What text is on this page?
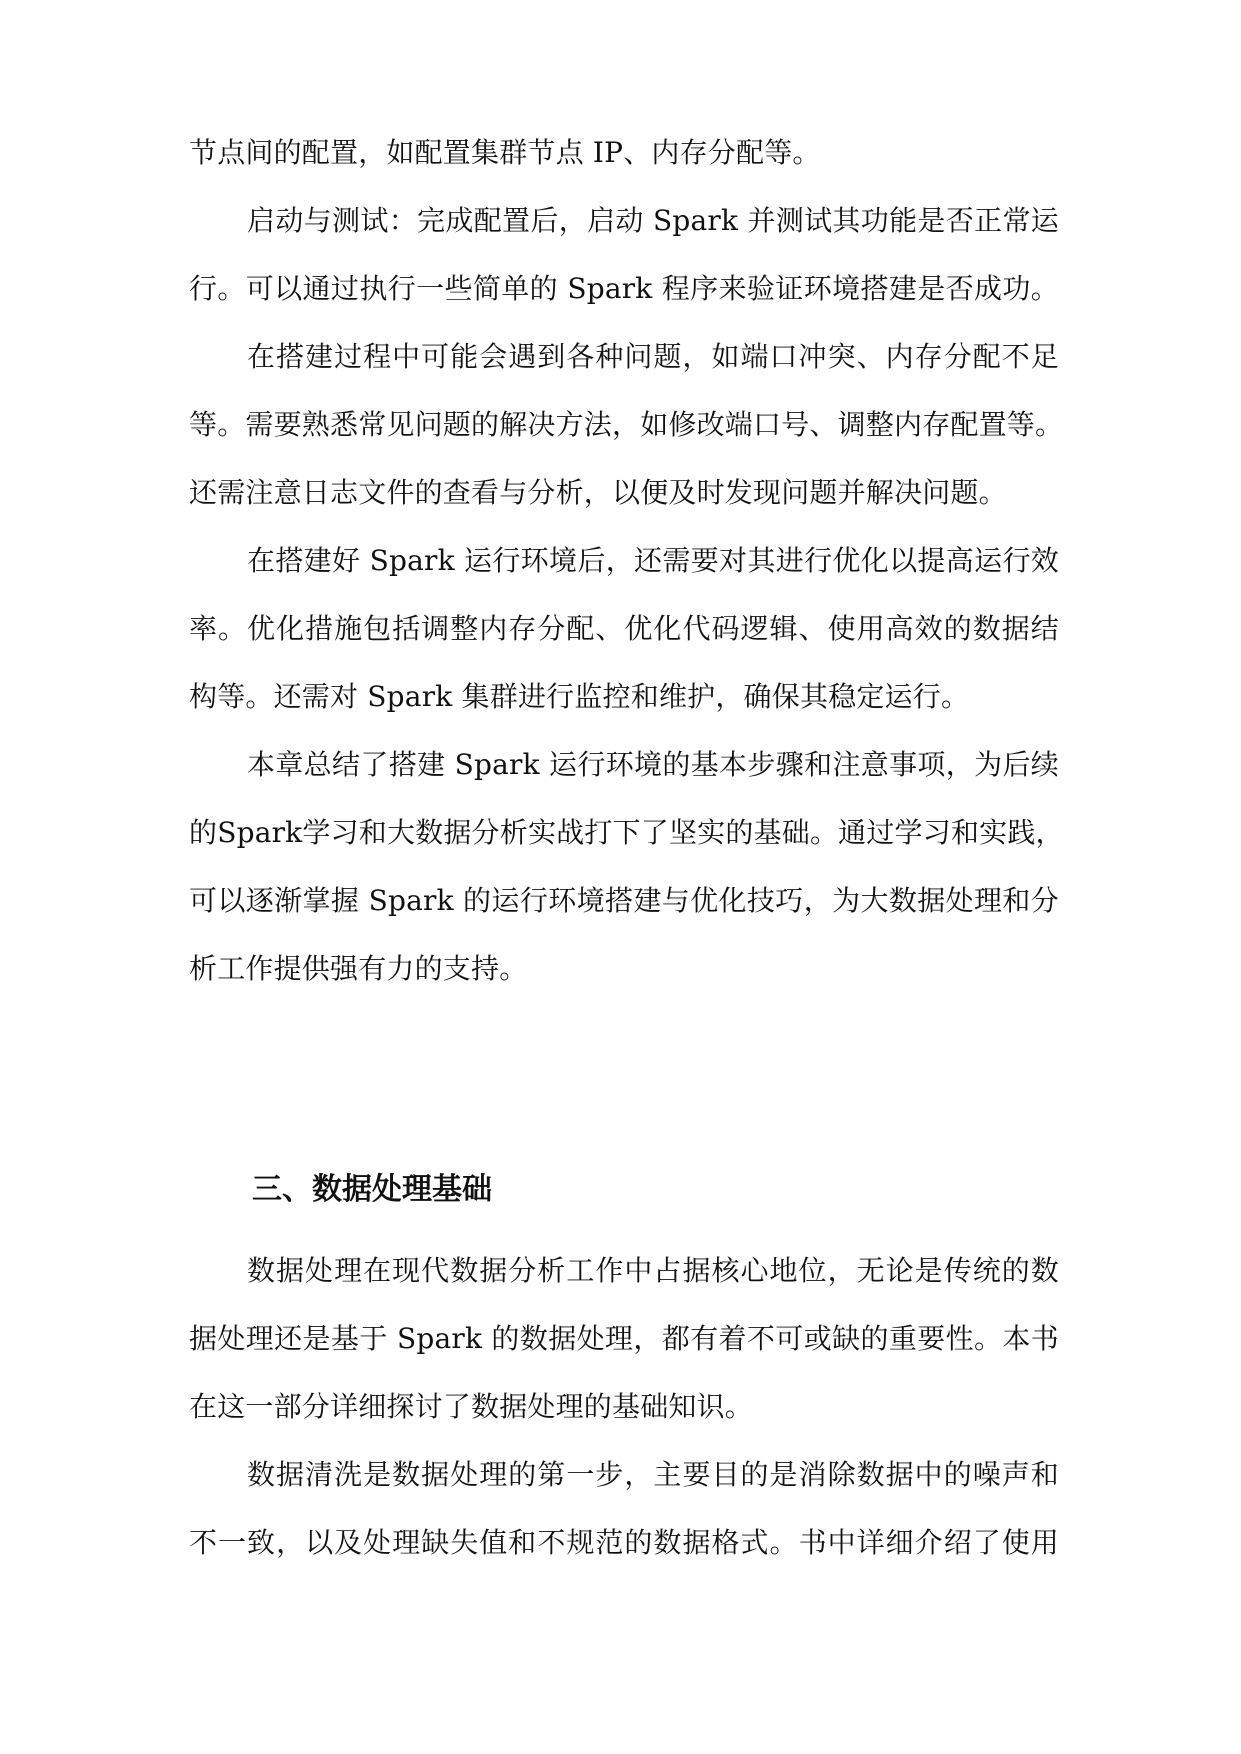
节点间的配置，如配置集群节点 IP、内存分配等。
启动与测试：完成配置后，启动 Spark 并测试其功能是否正常运
行。可以通过执行一些简单的 Spark 程序来验证环境搭建是否成功。
在搭建过程中可能会遇到各种问题，如端口冲突、内存分配不足
等。需要熟悉常见问题的解决方法，如修改端口号、调整内存配置等。
还需注意日志文件的查看与分析，以便及时发现问题并解决问题。
在搭建好 Spark 运行环境后，还需要对其进行优化以提高运行效
率。优化措施包括调整内存分配、优化代码逻辑、使用高效的数据结
构等。还需对 Spark 集群进行监控和维护，确保其稳定运行。
本章总结了搭建 Spark 运行环境的基本步骤和注意事项，为后续
的Spark学习和大数据分析实战打下了坚实的基础。通过学习和实践，
可以逐渐掌握 Spark 的运行环境搭建与优化技巧，为大数据处理和分
析工作提供强有力的支持。
三、数据处理基础
数据处理在现代数据分析工作中占据核心地位，无论是传统的数
据处理还是基于 Spark 的数据处理，都有着不可或缺的重要性。本书
在这一部分详细探讨了数据处理的基础知识。
数据清洗是数据处理的第一步，主要目的是消除数据中的噪声和
不一致，以及处理缺失值和不规范的数据格式。书中详细介绍了使用
